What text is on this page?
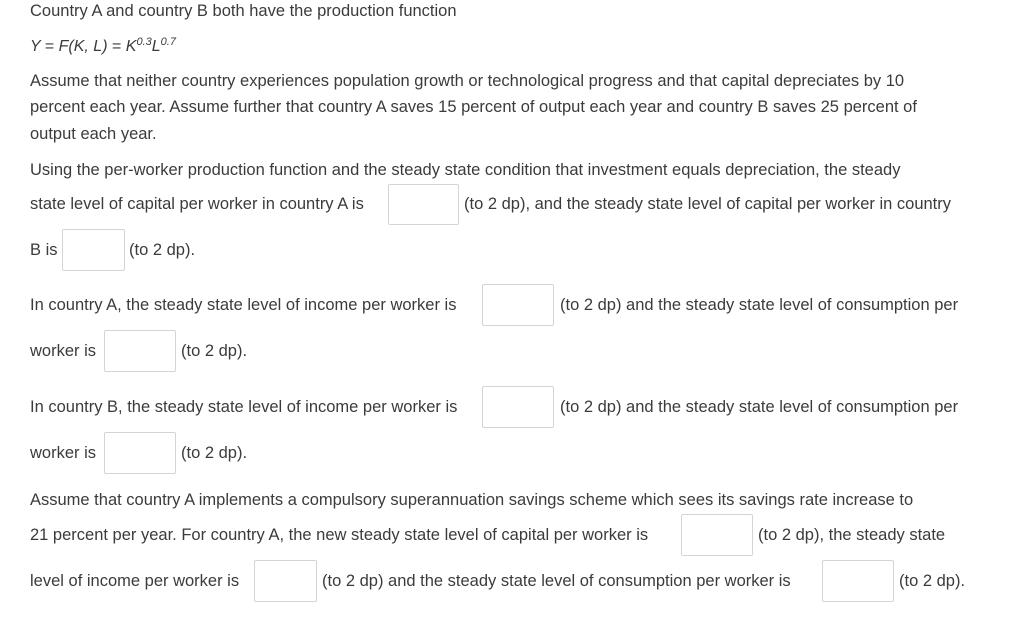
Country A and country B both have the production function
Y = F(K, $L) = K^{0.3}L^{0.7}$
Assume that neither country experiences population growth or technological progress and that capital depreciates by 10
percent each year. Assume further that country A saves 15 percent of output each year and country B saves 25 percent of
output each year.
Using the per-worker production function and the steady state condition that investment equals depreciation, the steady
state level of capital per worker in country A is	(to 2 dp), and the steady state level of capital per worker in country
B is	(to 2 dp).
In country A, the steady state level of income per worker is	(to 2 dp) and the steady state level of consumption per
worker is	(to 2 dp).
In country B, the steady state level of income per worker is	(to 2 dp) and the steady state level of consumption per
worker is	(to 2 dp).
Assume that country A implements a compulsory superannuation savings scheme which sees its savings rate increase to
21 percent per year. For country A, the new steady state level of capital per worker is	(to 2 dp), the steady state
level of income per worker is	(to 2 dp) and the steady state level of consumption per worker is	(to 2 dp).
